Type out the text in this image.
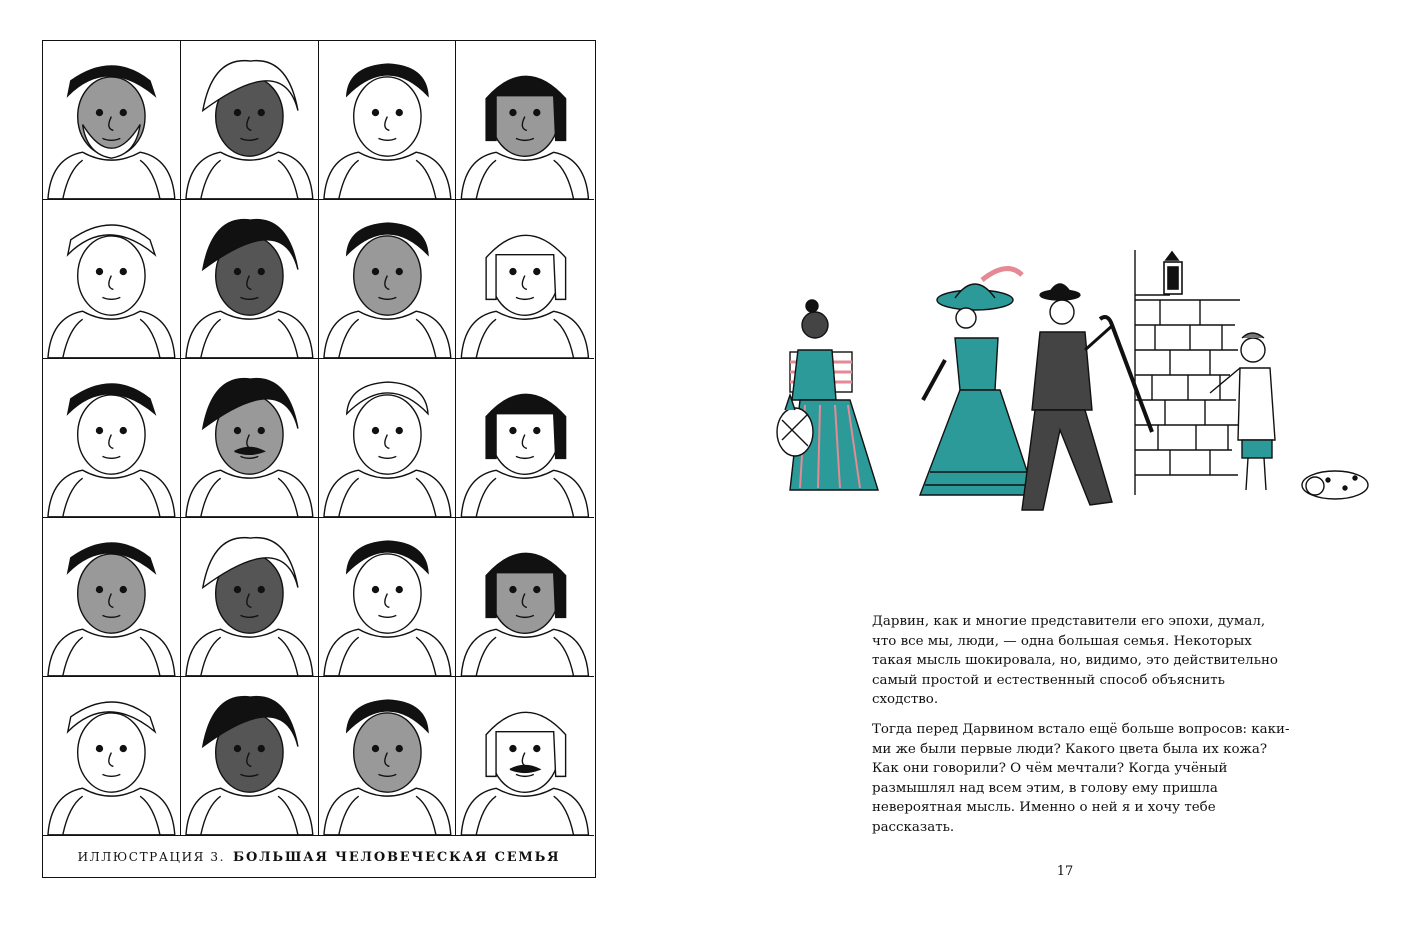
ИЛЛЮСТРАЦИЯ 3. БОЛЬШАЯ ЧЕЛОВЕЧЕСКАЯ СЕМЬЯ

Дарвин, как и многие представители его эпохи, думал, что все мы, люди, — одна большая семья. Некоторых такая мысль шокировала, но, видимо, это действительно самый простой и естественный способ объяснить сходство.

Тогда перед Дарвином встало ещё больше вопросов: каки- ми же были первые люди? Какого цвета была их кожа? Как они говорили? О чём мечтали? Когда учёный размышлял над всем этим, в голову ему пришла невероятная мысль. Именно о ней я и хочу тебе рассказать.

17
